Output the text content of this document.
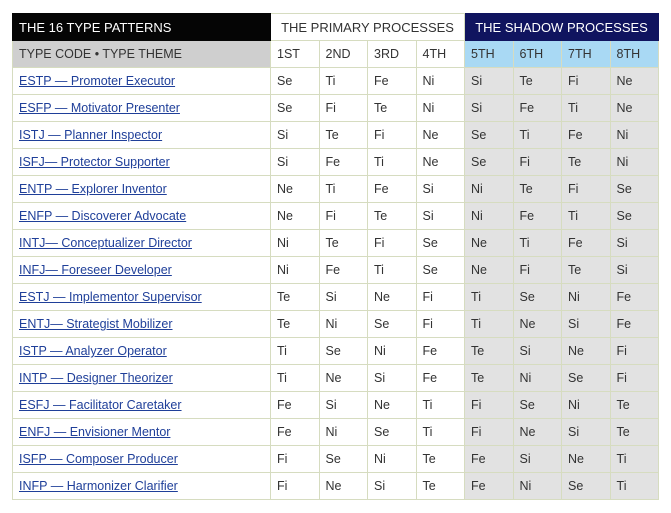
THE 16 TYPE PATTERNS	THE PRIMARY PROCESSES				THE SHADOW PROCESSES			
TYPE CODE • TYPE THEME	1ST	2ND	3RD	4TH	5TH	6TH	7TH	8TH
ESTP — Promoter Executor	Se	Ti	Fe	Ni	Si	Te	Fi	Ne
ESFP — Motivator Presenter	Se	Fi	Te	Ni	Si	Fe	Ti	Ne
ISTJ — Planner Inspector	Si	Te	Fi	Ne	Se	Ti	Fe	Ni
ISFJ— Protector Supporter	Si	Fe	Ti	Ne	Se	Fi	Te	Ni
ENTP — Explorer Inventor	Ne	Ti	Fe	Si	Ni	Te	Fi	Se
ENFP — Discoverer Advocate	Ne	Fi	Te	Si	Ni	Fe	Ti	Se
INTJ— Conceptualizer Director	Ni	Te	Fi	Se	Ne	Ti	Fe	Si
INFJ— Foreseer Developer	Ni	Fe	Ti	Se	Ne	Fi	Te	Si
ESTJ — Implementor Supervisor	Te	Si	Ne	Fi	Ti	Se	Ni	Fe
ENTJ— Strategist Mobilizer	Te	Ni	Se	Fi	Ti	Ne	Si	Fe
ISTP — Analyzer Operator	Ti	Se	Ni	Fe	Te	Si	Ne	Fi
INTP — Designer Theorizer	Ti	Ne	Si	Fe	Te	Ni	Se	Fi
ESFJ — Facilitator Caretaker	Fe	Si	Ne	Ti	Fi	Se	Ni	Te
ENFJ — Envisioner Mentor	Fe	Ni	Se	Ti	Fi	Ne	Si	Te
ISFP — Composer Producer	Fi	Se	Ni	Te	Fe	Si	Ne	Ti
INFP — Harmonizer Clarifier	Fi	Ne	Si	Te	Fe	Ni	Se	Ti
